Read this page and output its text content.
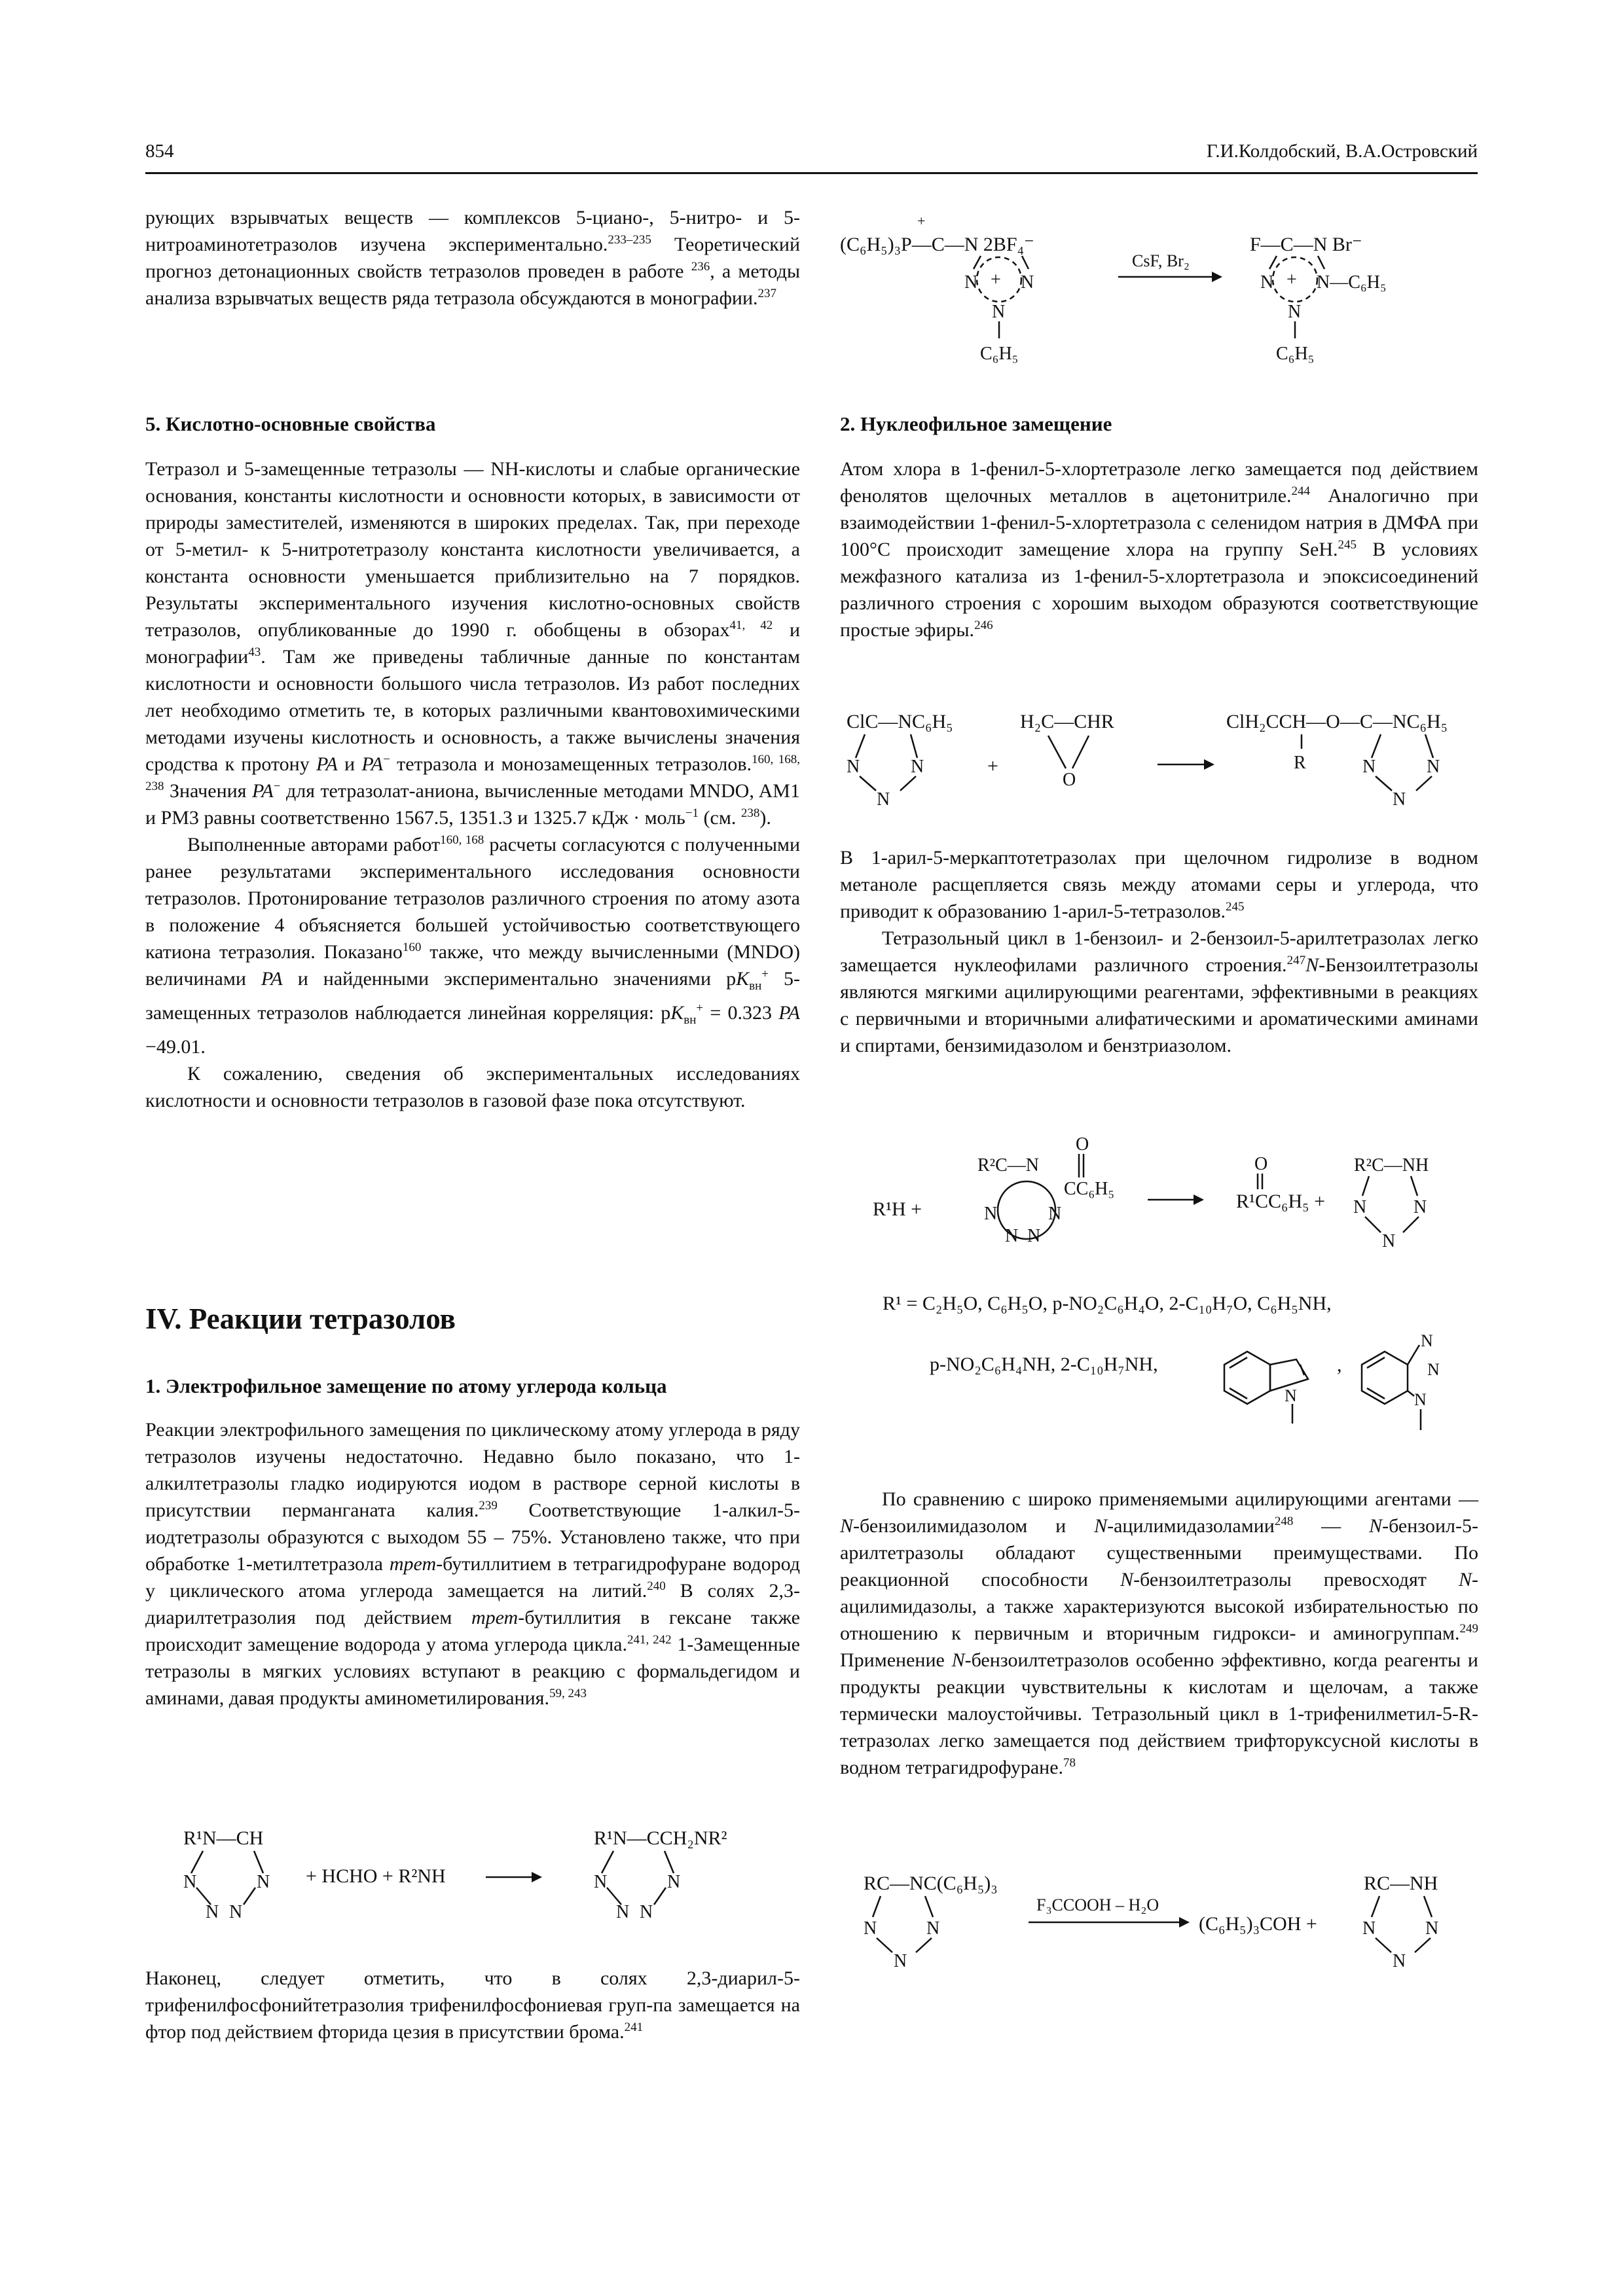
854	Г.И.Колдобский, В.А.Островский

рующих взрывчатых веществ — комплексов 5-циано-, 5-нитро- и 5-нитроаминотетразолов изучена экспериментально.$^{233-235}$ Теоретический прогноз детонационных свойств тетразолов проведен в работе $^{236}$, а методы анализа взрывчатых веществ ряда тетразола обсуждаются в монографии.$^{237}$

5. Кислотно-основные свойства

Тетразол и 5-замещенные тетразолы — NH-кислоты и слабые органические основания, константы кислотности и основности которых, в зависимости от природы заместителей, изменяются в широких пределах. Так, при переходе от 5-метил- к 5-нитротетразолу константа кислотности увеличивается, а константа основности уменьшается приблизительно на 7 порядков. Результаты экспериментального изучения кислотно-основных свойств тетразолов, опубликованные до 1990 г. обобщены в обзорах$^{41, 42}$ и монографии$^{43}$. Там же приведены табличные данные по константам кислотности и основности большого числа тетразолов. Из работ последних лет необходимо отметить те, в которых различными квантовохимическими методами изучены кислотность и основность, а также вычислены значения сродства к протону PA и PA− тетразола и монозамещенных тетразолов.$^{160, 168, 238}$ Значения PA− для тетразолат-аниона, вычисленные методами MNDO, AM1 и PM3 равны соответственно 1567.5, 1351.3 и 1325.7 кДж · моль$^{-1}$ (см. $^{238}$).

Выполненные авторами работ$^{160, 168}$ расчеты согласуются с полученными ранее результатами экспериментального исследования основности тетразолов. Протонирование тетразолов различного строения по атому азота в положение 4 объясняется большей устойчивостью соответствующего катиона тетразолия. Показано$^{160}$ также, что между вычисленными (MNDO) величинами PA и найденными экспериментально значениями $pK_{вн}^+$ 5-замещенных тетразолов наблюдается линейная корреляция: $pK_{вн}^+ = 0.323$ PA −49.01.

К сожалению, сведения об экспериментальных исследованиях кислотности и основности тетразолов в газовой фазе пока отсутствуют.

IV. Реакции тетразолов
1. Электрофильное замещение по атому углерода кольца

Реакции электрофильного замещения по циклическому атому углерода в ряду тетразолов изучены недостаточно. Недавно было показано, что 1-алкилтетразолы гладко иодируются иодом в растворе серной кислоты в присутствии перманганата калия.$^{239}$ Соответствующие 1-алкил-5-иодтетразолы образуются с выходом 55 – 75%. Установлено также, что при обработке 1-метилтетразола трет-бутиллитием в тетрагидрофуране водород у циклического атома углерода замещается на литий.$^{240}$ В солях 2,3-диарилтетразолия под действием трет-бутиллития в гексане также происходит замещение водорода у атома углерода цикла.$^{241, 242}$ 1-Замещенные тетразолы в мягких условиях вступают в реакцию с формальдегидом и аминами, давая продукты аминометилирования.$^{59, 243}$

R¹N—CH
N	N
N N
+ HCHO + R²NH
R¹N—CCH₂NR²
N	N
N N

Наконец, следует отметить, что в солях 2,3-диарил-5-трифенилфосфонийтетразолия трифенилфосфониевая груп-па замещается на фтор под действием фторида цезия в присутствии брома.$^{241}$

+
(C₆H₅)₃P—C—N 2BF₄⁻
+
N N
N
C₆H₅
CsF, Br₂
F—C—N Br⁻
+
N N—C₆H₅
N
C₆H₅
2. Нуклеофильное замещение

Атом хлора в 1-фенил-5-хлортетразоле легко замещается под действием фенолятов щелочных металлов в ацетонитриле.$^{244}$ Аналогично при взаимодействии 1-фенил-5-хлортетразола с селенидом натрия в ДМФА при 100°С происходит замещение хлора на группу SeH.$^{245}$ В условиях межфазного катализа из 1-фенил-5-хлортетразола и эпоксисоединений различного строения с хорошим выходом образуются соответствующие простые эфиры.$^{246}$

ClC—NC₆H₅
N	N
N
+
H₂C—CHR
O
ClH₂CCH—O—C—NC₆H₅
R	N	N
N

В 1-арил-5-меркаптотетразолах при щелочном гидролизе в водном метаноле расщепляется связь между атомами серы и углерода, что приводит к образованию 1-арил-5-тетразолов.$^{245}$

Тетразольный цикл в 1-бензоил- и 2-бензоил-5-арилтетразолах легко замещается нуклеофилами различного строения.$^{247}$N-Бензоилтетразолы являются мягкими ацилирующими реагентами, эффективными в реакциях с первичными и вторичными алифатическими и ароматическими аминами и спиртами, бензимидазолом и бензтриазолом.

R¹H +
R²C—N
O
CC₆H₅
N	N
N N
O
R¹CC₆H₅ +
R²C—NH
N	N
N
R¹ = C₂H₅O, C₆H₅O, p-NO₂C₆H₄O, 2-C₁₀H₇O, C₆H₅NH,
p-NO₂C₆H₄NH, 2-C₁₀H₇NH,
N
,
N
N
N

По сравнению с широко применяемыми ацилирующими агентами — N-бензоилимидазолом и N-ацилимидазоламии$^{248}$ — N-бензоил-5-арилтетразолы обладают существенными преимуществами. По реакционной способности N-бензоилтетразолы превосходят N-ацилимидазолы, а также характеризуются высокой избирательностью по отношению к первичным и вторичным гидрокси- и аминогруппам.$^{249}$ Применение N-бензоилтетразолов особенно эффективно, когда реагенты и продукты реакции чувствительны к кислотам и щелочам, а также термически малоустойчивы. Тетразольный цикл в 1-трифенилметил-5-R-тетразолах легко замещается под действием трифторуксусной кислоты в водном тетрагидрофуране.$^{78}$

RC—NC(C₆H₅)₃
N	N
N
F₃CCOOH – H₂O
(C₆H₅)₃COH +
RC—NH
N	N
N
